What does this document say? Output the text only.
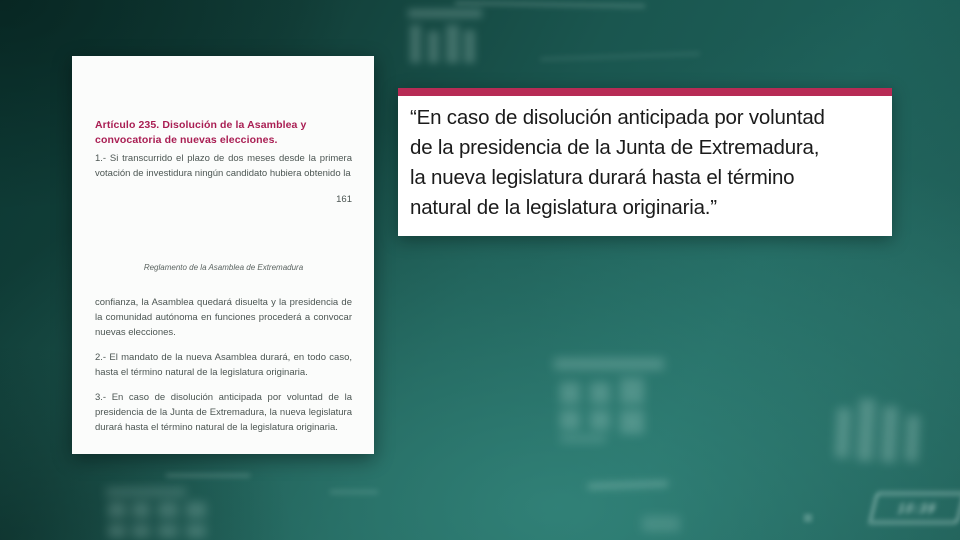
10:39
Artículo 235. Disolución de la Asamblea y convocatoria de nuevas elecciones.
1.- Si transcurrido el plazo de dos meses desde la primera votación de investidura ningún candidato hubiera obtenido la
161
Reglamento de la Asamblea de Extremadura
confianza, la Asamblea quedará disuelta y la presidencia de la comunidad autónoma en funciones procederá a convocar nuevas elecciones.
2.- El mandato de la nueva Asamblea durará, en todo caso, hasta el término natural de la legislatura originaria.
3.- En caso de disolución anticipada por voluntad de la presidencia de la Junta de Extremadura, la nueva legislatura durará hasta el término natural de la legislatura originaria.
“En caso de disolución anticipada por voluntad
de la presidencia de la Junta de Extremadura,
la nueva legislatura durará hasta el término
natural de la legislatura originaria.”
